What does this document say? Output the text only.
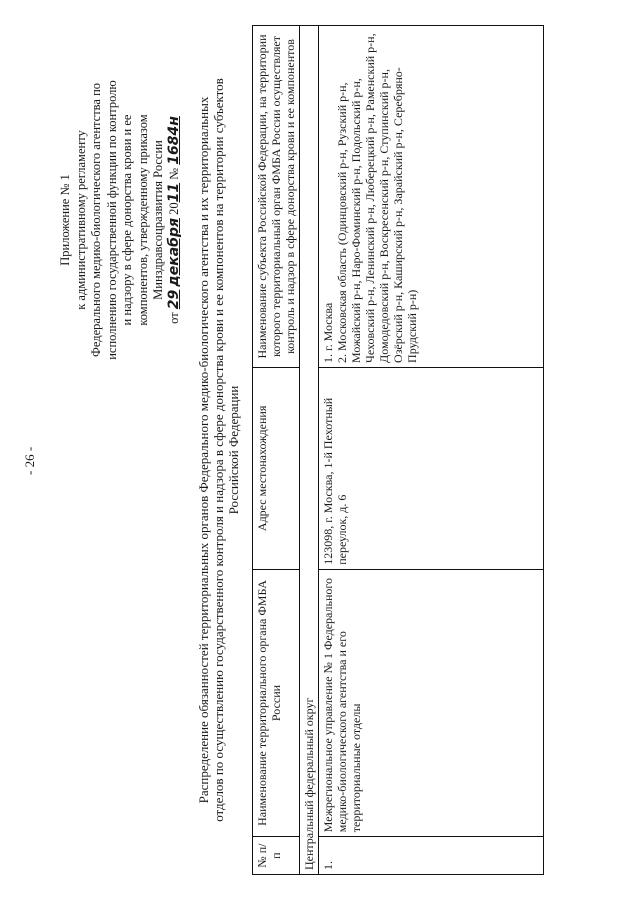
- 26 -
Приложение № 1 к административному регламенту Федерального медико-биологического агентства по исполнению государственной функции по контролю и надзору в сфере донорства крови и ее компонентов, утвержденному приказом Минздравсоцразвития России
от 29 декабря 2011 № 1684н Распределение обязанностей территориальных органов Федерального медико-биологического агентства и их территориальных отделов по осуществлению государственного контроля и надзора в сфере донорства крови и ее компонентов на территории субъектов Российской Федерации
№ п/п	Наименование территориального органа ФМБА России	Адрес местонахождения	Наименование субъекта Российской Федерации, на территории которого территориальный орган ФМБА России осуществляет контроль и надзор в сфере донорства крови и ее компонентов
Центральный федеральный округ			
1.	Межрегиональное управление № 1 Федерального медико-биологического агентства и его территориальные отделы	123098, г. Москва, 1-й Пехотный переулок, д. 6	1. г. Москва 2. Московская область (Одинцовский р-н, Рузский р-н, Можайский р-н, Наро-Фоминский р-н, Подольский р-н, Чеховский р-н, Ленинский р-н, Люберецкий р-н, Раменский р-н, Домодедовский р-н, Воскресенский р-н, Ступинский р-н, Озёрский р-н, Каширский р-н, Зарайский р-н, Серебряно-Прудский р-н)
